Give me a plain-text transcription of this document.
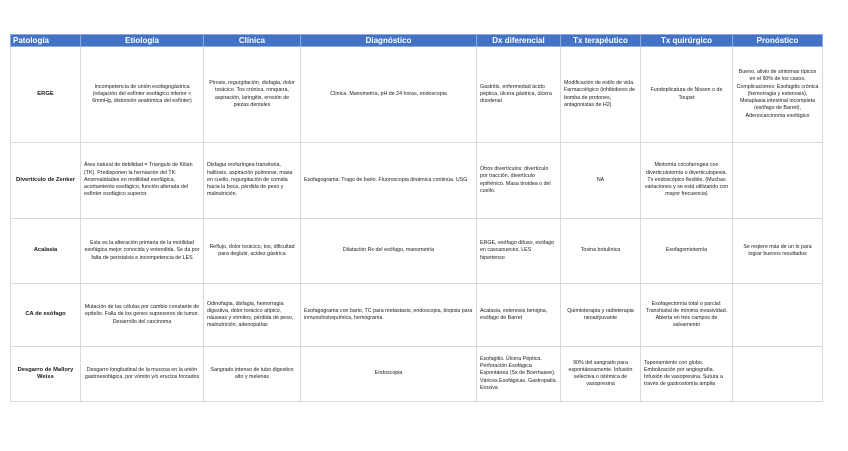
Patología	Etiología	Clínica	Diagnóstico	Dx diferencial	Tx terapéutico	Tx quirúrgico	Pronóstico
ERGE	Incompetencia de unión esofagogástrica (relajación del esfínter esofágico inferior < 6mmHg, distorsión anatómica del esfínter)	Pirosis, regurgitación, disfagia, dolor torácico. Tos crónica, ronquera, aspiración, laringitis, erosión de piezas dentales	Clínica. Manometría, pH de 24 horas, endoscopia	Gastritis, enfermedad ácido péptica, úlcera gástrica, úlcera duodenal	Modificación de estilo de vida. Farmacológico (inhibidores de bomba de protones, antagonistas de H2)	Fundoplicatura de Nissen o de Toupet	Bueno, alivio de síntomas típicos en el 90% de los casos. Complicaciones: Esofagitis crónica (hemorragia y estenosis), Metaplasia intestinal incompleta (esófago de Barret), Adenocarcinoma esofágico
Divertículo de Zenker	Área natural de debilidad = Triangulo de Kilian (TK). Predisponen la herniación del TK: Anormalidades en motilidad esofágica, acortamiento esofágico, función alterada del esfínter esofágico superior.	Disfagia orofaríngea transitoria, halitosis, aspiración pulmonar, masa en cuello, regurgitación de comida hacia la boca, pérdida de peso y malnutrición.	Esofagograma: Trago de bario. Fluoroscopia dinámica continúa. USG	Otros divertículos: divertículo por tracción, divertículo epifrénico. Masa tiroidea o del cuello.	NA	Miotomía cricofaríngea con diverticulotomía o diverticulopexia. Tx endoscópico flexible. (Muchas variaciones y se está utilizando con mayor frecuencia)	
Acalasia	Esta es la alteración primaria de la motilidad esofágica mejor conocida y entendida. Se da por falta de peristalsis e incompetencia de LES	Reflujo, dolor torácico, tos, dificultad para deglutir, acidez gástrica	Dilatación Rx del esófago, manometría	ERGE, esófago difuso, esófago en cascanueces, LES hipertenso	Toxina botulínica	Esofagomiotomía	Se reqiere más de un tx para lograr buenos resultados
CA de esófago	Mutación de las células por cambio constante de epitelio. Falla de los genes supresores de tumor. Desarrollo del carcinoma	Odinofagia, disfagia, hemorragia digestiva, dolor torácico atípico, náuseas y vómitos, pérdida de peso, malnutrición, adenopatías	Esofagograma con bario, TC para metástasis, endoscopia, biopsia para inmunohistoquímica, hemograma	Acalasia, estenosis benigna, esófago de Barret	Quimioterapia y radioterapia neoadyuvante	Esofagectomía total o parcial: Transhiatal de mínima invasividad. Abierta en tres campos de salvamento	
Desgarro de Mallory Weiss	Desgarro longitudinal de la mucosa en la unión gastroesofágica, por vómito y/o eructos forzados	Sangrado intenso de tubo digestivo alto y melenas	Endoscopia	Esofagitis. Úlcera Péptica. Perforación Esofágica Espontánea (Sx de Boerhaave). Várices Esofágicas. Gastropatía Erosiva	90% del sangrado para espontáneamente. Infusión selectiva o istémica de vasopresina	Taponamiento con globo. Embolización por angiografía. Infusión de vasopresina. Sutura a través de gastrostomía amplia	
